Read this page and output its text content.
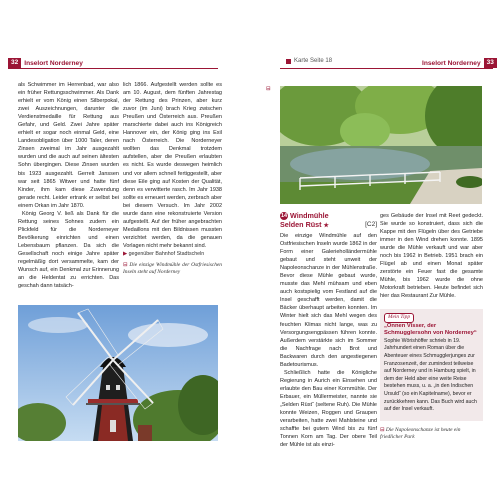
32 Inselort Norderney

als Schwimmer im Herrenbad, war also ein früher Rettungsschwimmer. Als Dank erhielt er vom König einen Silberpokal, zwei Auszeichnungen, darunter die Verdienstmedaille für Rettung aus Gefahr, und Geld. Zwei Jahre später erhielt er sogar noch einmal Geld, eine Landesobligation über 1000 Taler, deren Zinsen zweimal im Jahr ausgezahlt wurden und die auch auf seinen ältesten Sohn übergingen. Diese Zinsen wurden bis 1923 ausgezahlt. Gerrelt Janssen war seit 1865 Witwer und hatte fünf Kinder, ihm kam diese Zuwendung gerade recht. Leider ertrank er selbst bei einem Orkan im Jahr 1870.

König Georg V. ließ als Dank für die Rettung seines Sohnes zudem ein Plickfeld für die Norderneyer Bevölkerung einrichten und einen Lebensbaum pflanzen. Da sich die Gesellschaft noch einige Jahre später regelmäßig dort versammelte, kam der Wunsch auf, ein Denkmal zur Erinnerung an die Heldentat zu errichten. Das geschah dann tatsäch-

lich 1866. Aufgestellt werden sollte es am 10. August, dem fünften Jahrestag der Rettung des Prinzen, aber kurz zuvor (im Juni) brach Krieg zwischen Preußen und Österreich aus. Preußen marschierte dabei auch ins Königreich Hannover ein, der König ging ins Exil nach Österreich. Die Norderneyer wollten das Denkmal trotzdem aufstellen, aber die Preußen erlaubten es nicht. Es wurde deswegen heimlich und vor allem schnell fertiggestellt, aber diese Eile ging auf Kosten der Qualität, denn es verwitterte rasch. Im Jahr 1938 sollte es erneuert werden, zerbrach aber bei diesem Versuch. Im Jahr 2002 wurde dann eine rekonstruierte Version aufgestellt. Auf der früher angebrachten Medaillons mit den Bildnissen mussten verzichtet werden, da die genauen Vorlagen nicht mehr bekannt sind.

▶ gegenüber Bahnhof Stadtscheln
⊟ Die einzige Windmühle der Ostfriesischen Inseln steht auf Norderney
Karte Seite 18	Inselort Norderney 33
⊟
14 Windmühle
Selden Rüst ★	[C2]

Die einzige Windmühle auf den Ostfriesischen Inseln wurde 1862 in der Form einer Galerieholländermühle gebaut und steht unweit der Napoleonschanze in der Mühlenstraße. Bevor diese Mühle gebaut wurde, musste das Mehl mühsam und eben auch kostspielig vom Festland auf die Insel geschafft werden, damit die Bäcker überhaupt arbeiten konnten. Im Winter hielt sich das Mehl wegen des feuchten Klimas nicht lange, was zu Versorgungsengpässen führen konnte. Außerdem verstärkte sich im Sommer die Nachfrage nach Brot und Backwaren durch den angestiegenen Badetourismus.

Schließlich hatte die Königliche Regierung in Aurich ein Einsehen und erlaubte den Bau einer Kornmühle. Der Erbauer, ein Müllermeister, nannte sie „Selden Rüst“ (seltene Ruh). Die Mühle konnte Weizen, Roggen und Graupen verarbeiten, hatte zwei Mahlsteine und schaffte bei gutem Wind bis zu fünf Tonnen Korn am Tag. Der obere Teil der Mühle ist als einzi-

ges Gebäude der Insel mit Reet gedeckt. Sie wurde so konstruiert, dass sich die Kappe mit den Flügeln über des Getriebe immer in den Wind drehen konnte. 1895 wurde die Mühle verkauft und war aber noch bis 1962 in Betrieb. 1951 brach ein Flügel ab und einen Monat später zerstörte ein Feuer fast die gesamte Mühle, bis 1962 wurde die ohne Motorkraft betrieben. Heute befindet sich hier das Restaurant Zur Mühle.

Mein Tipp
„Onnen Visser, der Schmugglersohn von Norderney“
Sophie Wörishöffer schrieb in 19. Jahrhundert einen Roman über die Abenteuer eines Schmugglerjunges zur Franzosenzeit, der zumindest teilweise auf Norderney und in Hamburg spielt, in dem der Held aber eine weite Reise bestehen muss, u. a. „in den Indischen Ursuld“ (so ein Kapitelname), bevor er zurückkehren kann. Das Buch wird auch auf der Insel verkauft.
⊟ Die Napoleonschanze ist heute ein friedlicher Park
